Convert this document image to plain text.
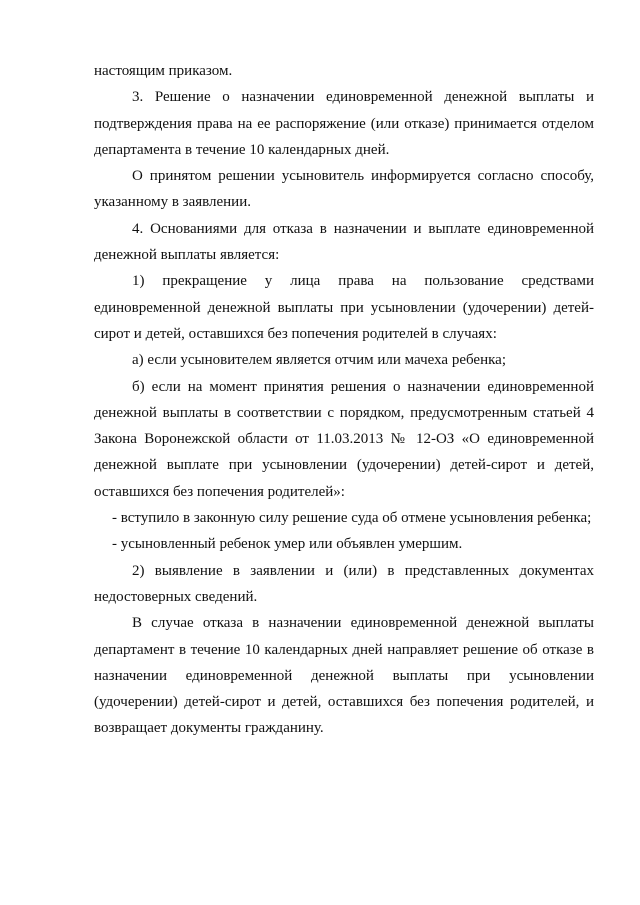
настоящим приказом.

3. Решение о назначении единовременной денежной выплаты и подтверждения права на ее распоряжение (или отказе) принимается отделом департамента в течение 10 календарных дней.

О принятом решении усыновитель информируется согласно способу, указанному в заявлении.

4. Основаниями для отказа в назначении и выплате единовременной денежной выплаты является:

1) прекращение у лица права на пользование средствами единовременной денежной выплаты при усыновлении (удочерении) детей-сирот и детей, оставшихся без попечения родителей в случаях:

а) если усыновителем является отчим или мачеха ребенка;

б) если на момент принятия решения о назначении единовременной денежной выплаты в соответствии с порядком, предусмотренным статьей 4 Закона Воронежской области от 11.03.2013 № 12-ОЗ «О единовременной денежной выплате при усыновлении (удочерении) детей-сирот и детей, оставшихся без попечения родителей»:

- вступило в законную силу решение суда об отмене усыновления ребенка;

- усыновленный ребенок умер или объявлен умершим.

2) выявление в заявлении и (или) в представленных документах недостоверных сведений.

В случае отказа в назначении единовременной денежной выплаты департамент в течение 10 календарных дней направляет решение об отказе в назначении единовременной денежной выплаты при усыновлении (удочерении) детей-сирот и детей, оставшихся без попечения родителей, и возвращает документы гражданину.
